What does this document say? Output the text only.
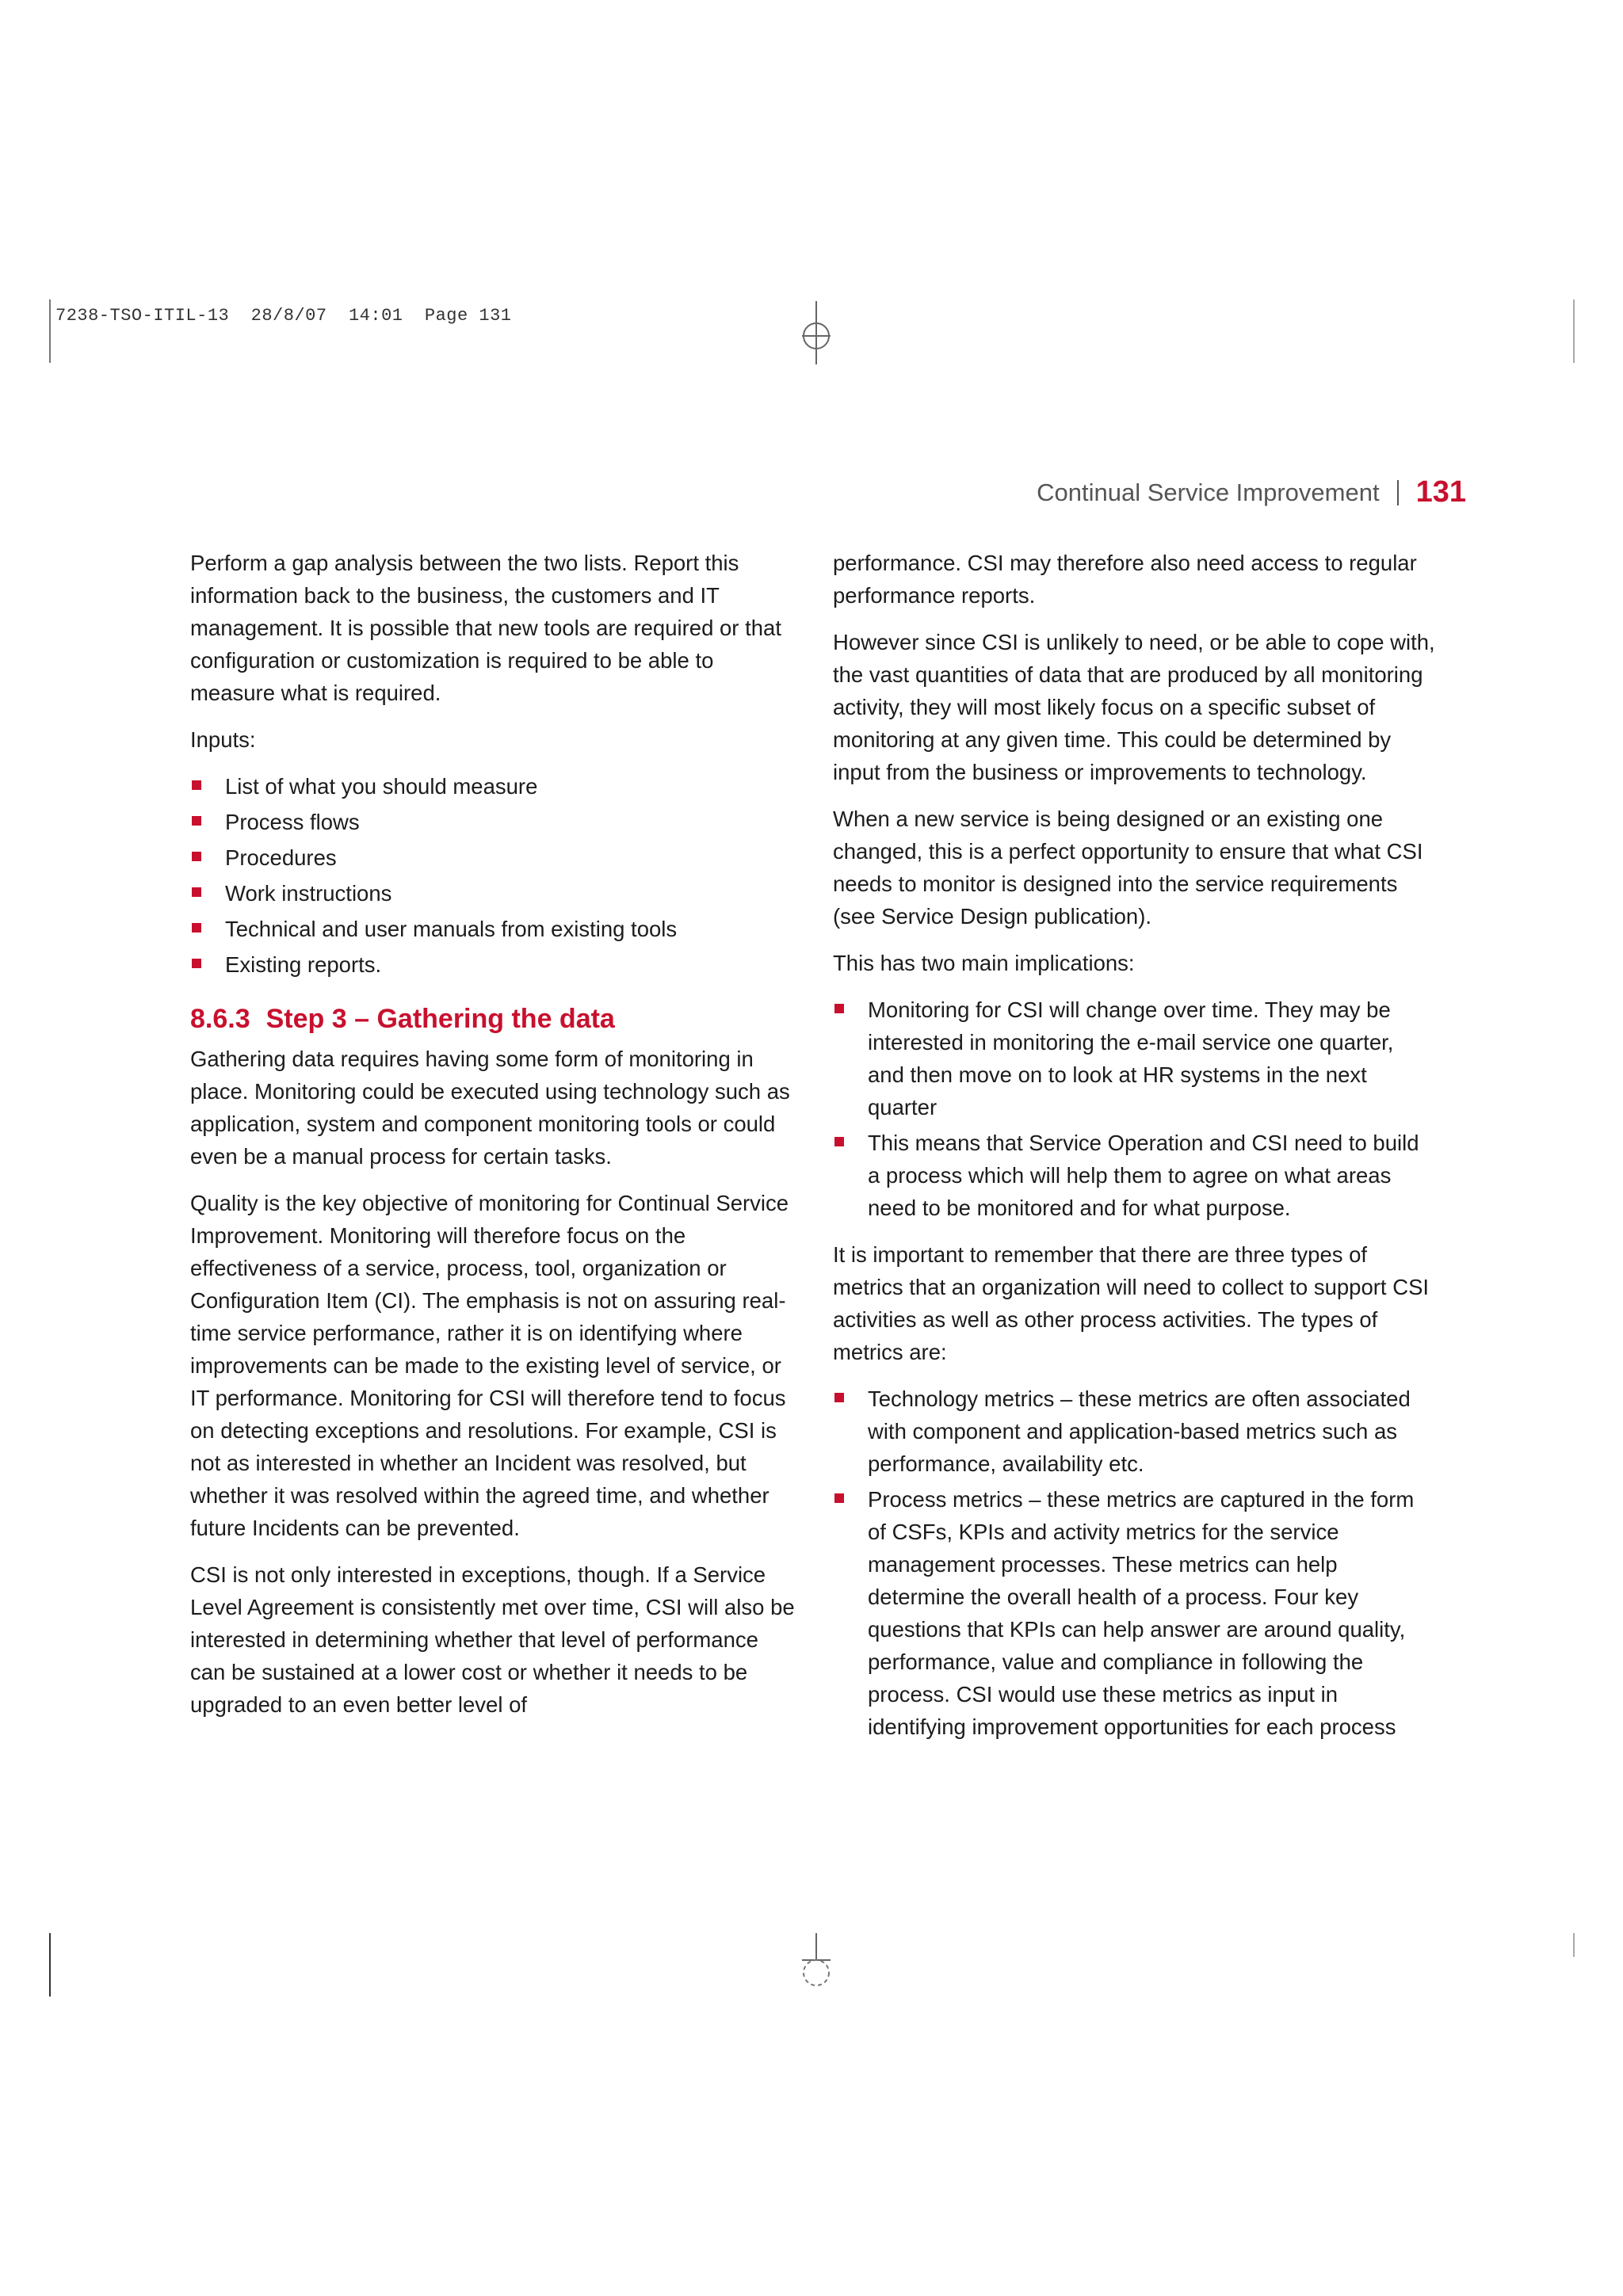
7238-TSO-ITIL-13  28/8/07  14:01  Page 131
Continual Service Improvement 131

Perform a gap analysis between the two lists. Report this information back to the business, the customers and IT management. It is possible that new tools are required or that configuration or customization is required to be able to measure what is required.

Inputs:

List of what you should measure
Process flows
Procedures
Work instructions
Technical and user manuals from existing tools
Existing reports.
8.6.3 Step 3 – Gathering the data

Gathering data requires having some form of monitoring in place. Monitoring could be executed using technology such as application, system and component monitoring tools or could even be a manual process for certain tasks.

Quality is the key objective of monitoring for Continual Service Improvement. Monitoring will therefore focus on the effectiveness of a service, process, tool, organization or Configuration Item (CI). The emphasis is not on assuring real-time service performance, rather it is on identifying where improvements can be made to the existing level of service, or IT performance. Monitoring for CSI will therefore tend to focus on detecting exceptions and resolutions. For example, CSI is not as interested in whether an Incident was resolved, but whether it was resolved within the agreed time, and whether future Incidents can be prevented.

CSI is not only interested in exceptions, though. If a Service Level Agreement is consistently met over time, CSI will also be interested in determining whether that level of performance can be sustained at a lower cost or whether it needs to be upgraded to an even better level of

performance. CSI may therefore also need access to regular performance reports.

However since CSI is unlikely to need, or be able to cope with, the vast quantities of data that are produced by all monitoring activity, they will most likely focus on a specific subset of monitoring at any given time. This could be determined by input from the business or improvements to technology.

When a new service is being designed or an existing one changed, this is a perfect opportunity to ensure that what CSI needs to monitor is designed into the service requirements (see Service Design publication).

This has two main implications:

Monitoring for CSI will change over time. They may be interested in monitoring the e-mail service one quarter, and then move on to look at HR systems in the next quarter
This means that Service Operation and CSI need to build a process which will help them to agree on what areas need to be monitored and for what purpose.

It is important to remember that there are three types of metrics that an organization will need to collect to support CSI activities as well as other process activities. The types of metrics are:

Technology metrics – these metrics are often associated with component and application-based metrics such as performance, availability etc.
Process metrics – these metrics are captured in the form of CSFs, KPIs and activity metrics for the service management processes. These metrics can help determine the overall health of a process. Four key questions that KPIs can help answer are around quality, performance, value and compliance in following the process. CSI would use these metrics as input in identifying improvement opportunities for each process
